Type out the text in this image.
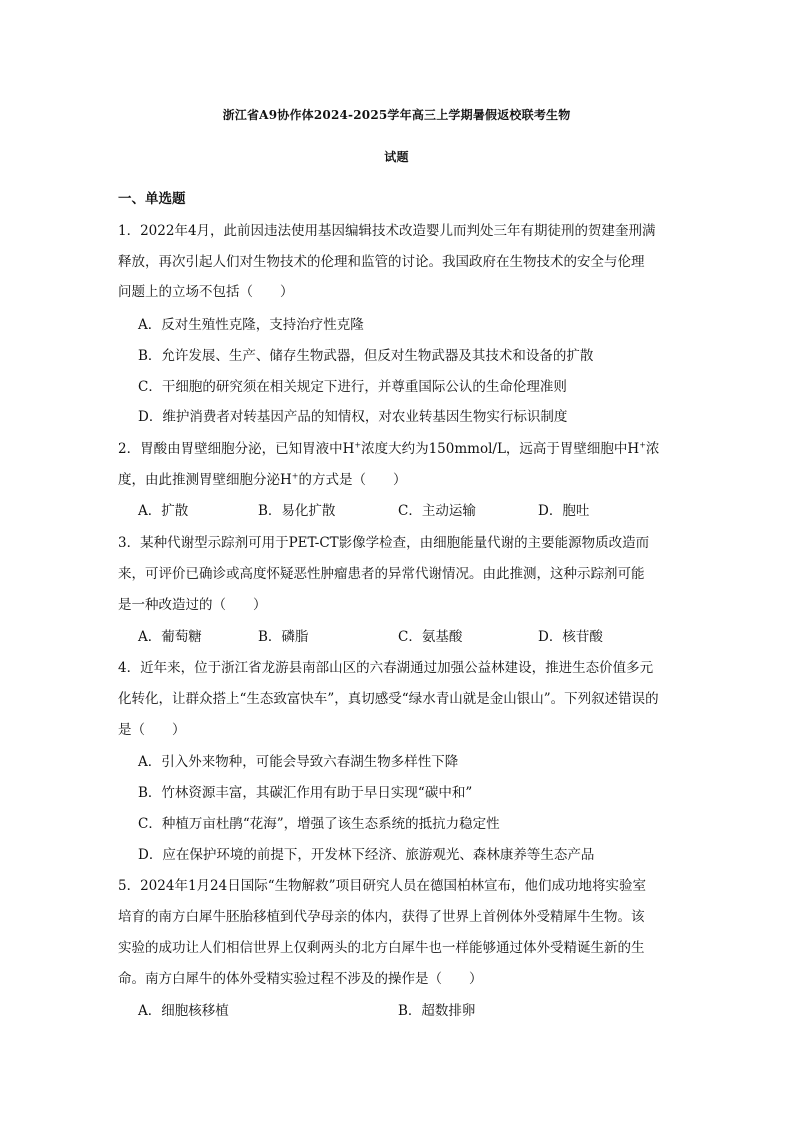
浙江省A9协作体2024-2025学年高三上学期暑假返校联考生物
试题
一、单选题
1．2022年4月，此前因违法使用基因编辑技术改造婴儿而判处三年有期徒刑的贺建奎刑满
释放，再次引起人们对生物技术的伦理和监管的讨论。我国政府在生物技术的安全与伦理
问题上的立场不包括（　　）
A．反对生殖性克隆，支持治疗性克隆
B．允许发展、生产、储存生物武器，但反对生物武器及其技术和设备的扩散
C．干细胞的研究须在相关规定下进行，并尊重国际公认的生命伦理准则
D．维护消费者对转基因产品的知情权，对农业转基因生物实行标识制度
2．胃酸由胃壁细胞分泌，已知胃液中H+浓度大约为150mmol/L，远高于胃壁细胞中H+浓
度，由此推测胃壁细胞分泌H+的方式是（　　）
A．扩散	B．易化扩散	C．主动运输	D．胞吐
3．某种代谢型示踪剂可用于PET-CT影像学检查，由细胞能量代谢的主要能源物质改造而
来，可评价已确诊或高度怀疑恶性肿瘤患者的异常代谢情况。由此推测，这种示踪剂可能
是一种改造过的（　　）
A．葡萄糖	B．磷脂	C．氨基酸	D．核苷酸
4．近年来，位于浙江省龙游县南部山区的六春湖通过加强公益林建设，推进生态价值多元
化转化，让群众搭上“生态致富快车”，真切感受“绿水青山就是金山银山”。下列叙述错误的
是（　　）
A．引入外来物种，可能会导致六春湖生物多样性下降
B．竹林资源丰富，其碳汇作用有助于早日实现“碳中和”
C．种植万亩杜鹃“花海”，增强了该生态系统的抵抗力稳定性
D．应在保护环境的前提下，开发林下经济、旅游观光、森林康养等生态产品
5．2024年1月24日国际“生物解救”项目研究人员在德国柏林宣布，他们成功地将实验室
培育的南方白犀牛胚胎移植到代孕母亲的体内，获得了世界上首例体外受精犀牛生物。该
实验的成功让人们相信世界上仅剩两头的北方白犀牛也一样能够通过体外受精诞生新的生
命。南方白犀牛的体外受精实验过程不涉及的操作是（　　）
A．细胞核移植	B．超数排卵
